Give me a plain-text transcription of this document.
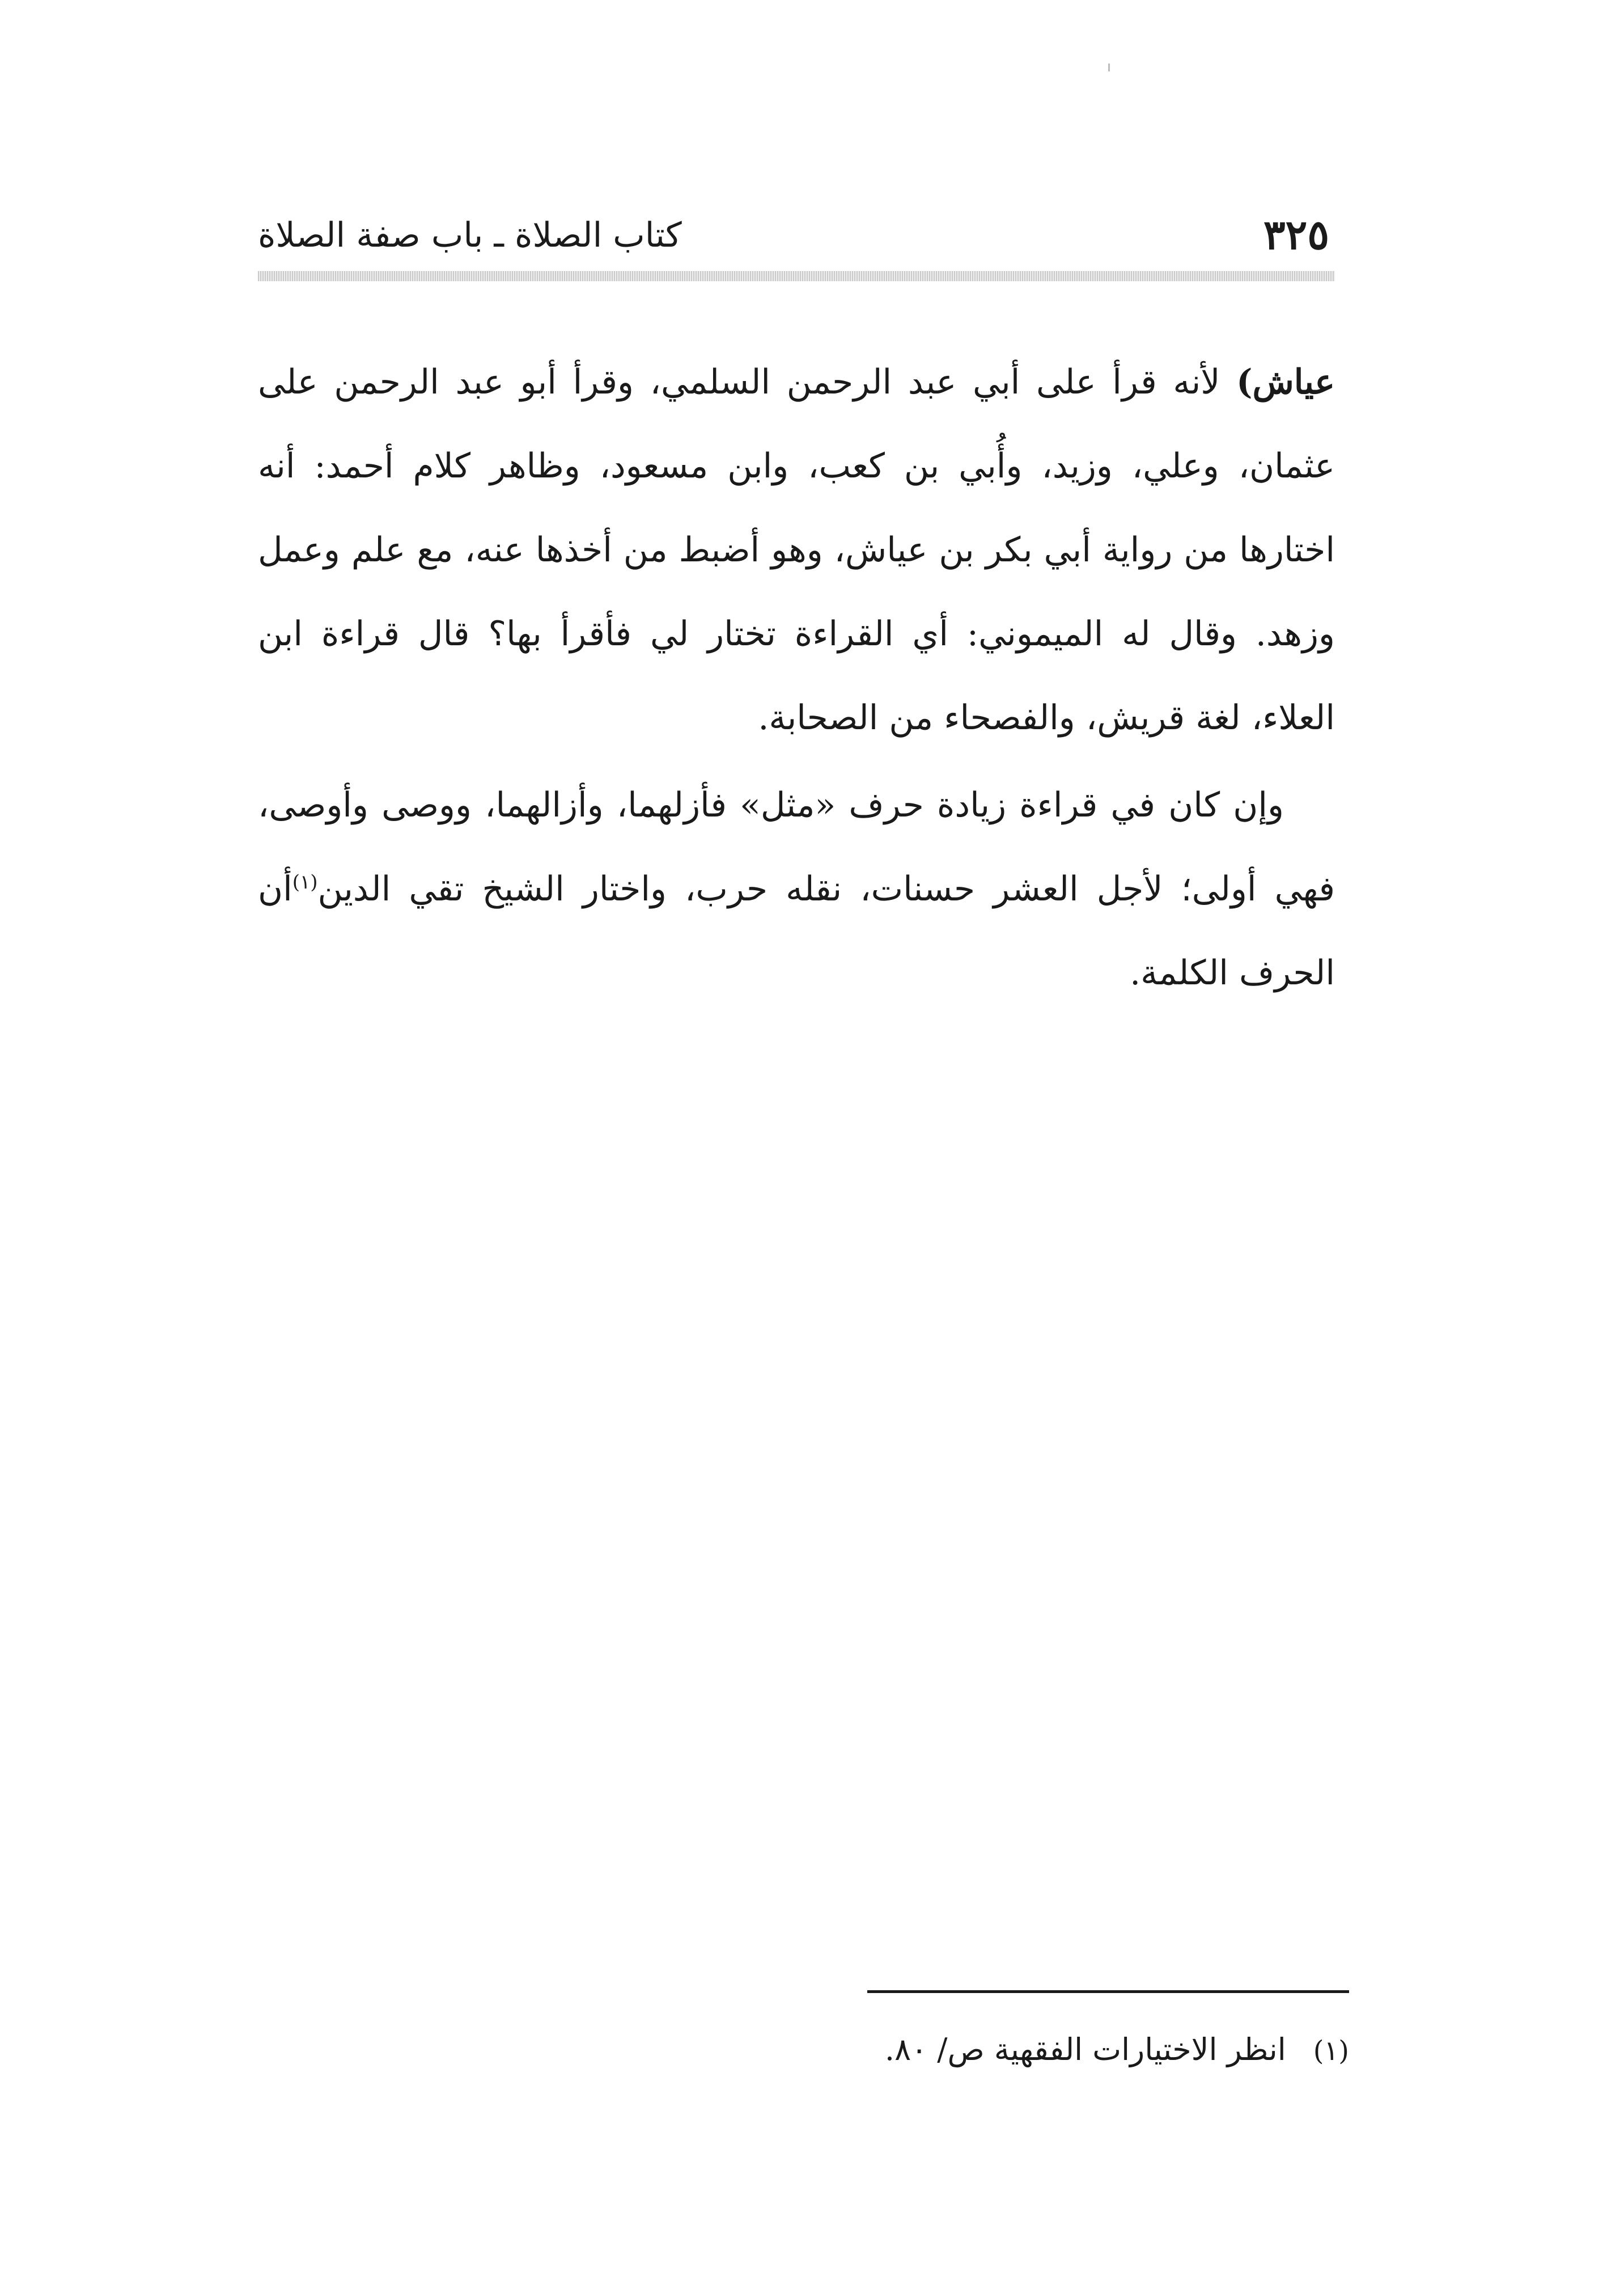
كتاب الصلاة ـ باب صفة الصلاة	٣٢٥

عياش) لأنه قرأ على أبي عبد الرحمن السلمي، وقرأ أبو عبد الرحمن على عثمان، وعلي، وزيد، وأُبي بن كعب، وابن مسعود، وظاهر كلام أحمد: أنه اختارها من رواية أبي بكر بن عياش، وهو أضبط من أخذها عنه، مع علم وعمل وزهد. وقال له الميموني: أي القراءة تختار لي فأقرأ بها؟ قال قراءة ابن العلاء، لغة قريش، والفصحاء من الصحابة.

وإن كان في قراءة زيادة حرف «مثل» فأزلهما، وأزالهما، ووصى وأوصى، فهي أولى؛ لأجل العشر حسنات، نقله حرب، واختار الشيخ تقي الدين$^{(١)}$أن الحرف الكلمة.

(١)انظر الاختيارات الفقهية ص/ ٨٠.
